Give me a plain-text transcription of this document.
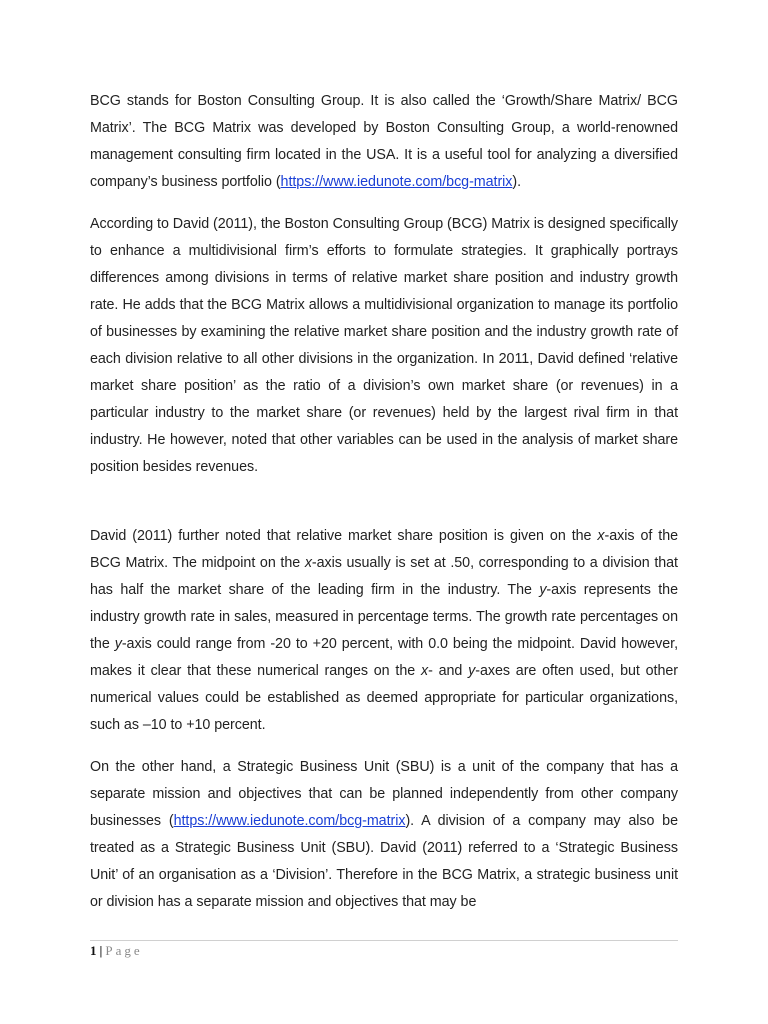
BCG stands for Boston Consulting Group. It is also called the ‘Growth/Share Matrix/ BCG Matrix’. The BCG Matrix was developed by Boston Consulting Group, a world-renowned management consulting firm located in the USA. It is a useful tool for analyzing a diversified company’s business portfolio (https://www.iedunote.com/bcg-matrix).

According to David (2011), the Boston Consulting Group (BCG) Matrix is designed specifically to enhance a multidivisional firm’s efforts to formulate strategies. It graphically portrays differences among divisions in terms of relative market share position and industry growth rate. He adds that the BCG Matrix allows a multidivisional organization to manage its portfolio of businesses by examining the relative market share position and the industry growth rate of each division relative to all other divisions in the organization. In 2011, David defined ‘relative market share position’ as the ratio of a division’s own market share (or revenues) in a particular industry to the market share (or revenues) held by the largest rival firm in that industry. He however, noted that other variables can be used in the analysis of market share position besides revenues.

David (2011) further noted that relative market share position is given on the x-axis of the BCG Matrix. The midpoint on the x-axis usually is set at .50, corresponding to a division that has half the market share of the leading firm in the industry. The y-axis represents the industry growth rate in sales, measured in percentage terms. The growth rate percentages on the y-axis could range from -20 to +20 percent, with 0.0 being the midpoint. David however, makes it clear that these numerical ranges on the x- and y-axes are often used, but other numerical values could be established as deemed appropriate for particular organizations, such as –10 to +10 percent.

On the other hand, a Strategic Business Unit (SBU) is a unit of the company that has a separate mission and objectives that can be planned independently from other company businesses (https://www.iedunote.com/bcg-matrix). A division of a company may also be treated as a Strategic Business Unit (SBU). David (2011) referred to a ‘Strategic Business Unit’ of an organisation as a ‘Division’. Therefore in the BCG Matrix, a strategic business unit or division has a separate mission and objectives that may be

1 | Page
